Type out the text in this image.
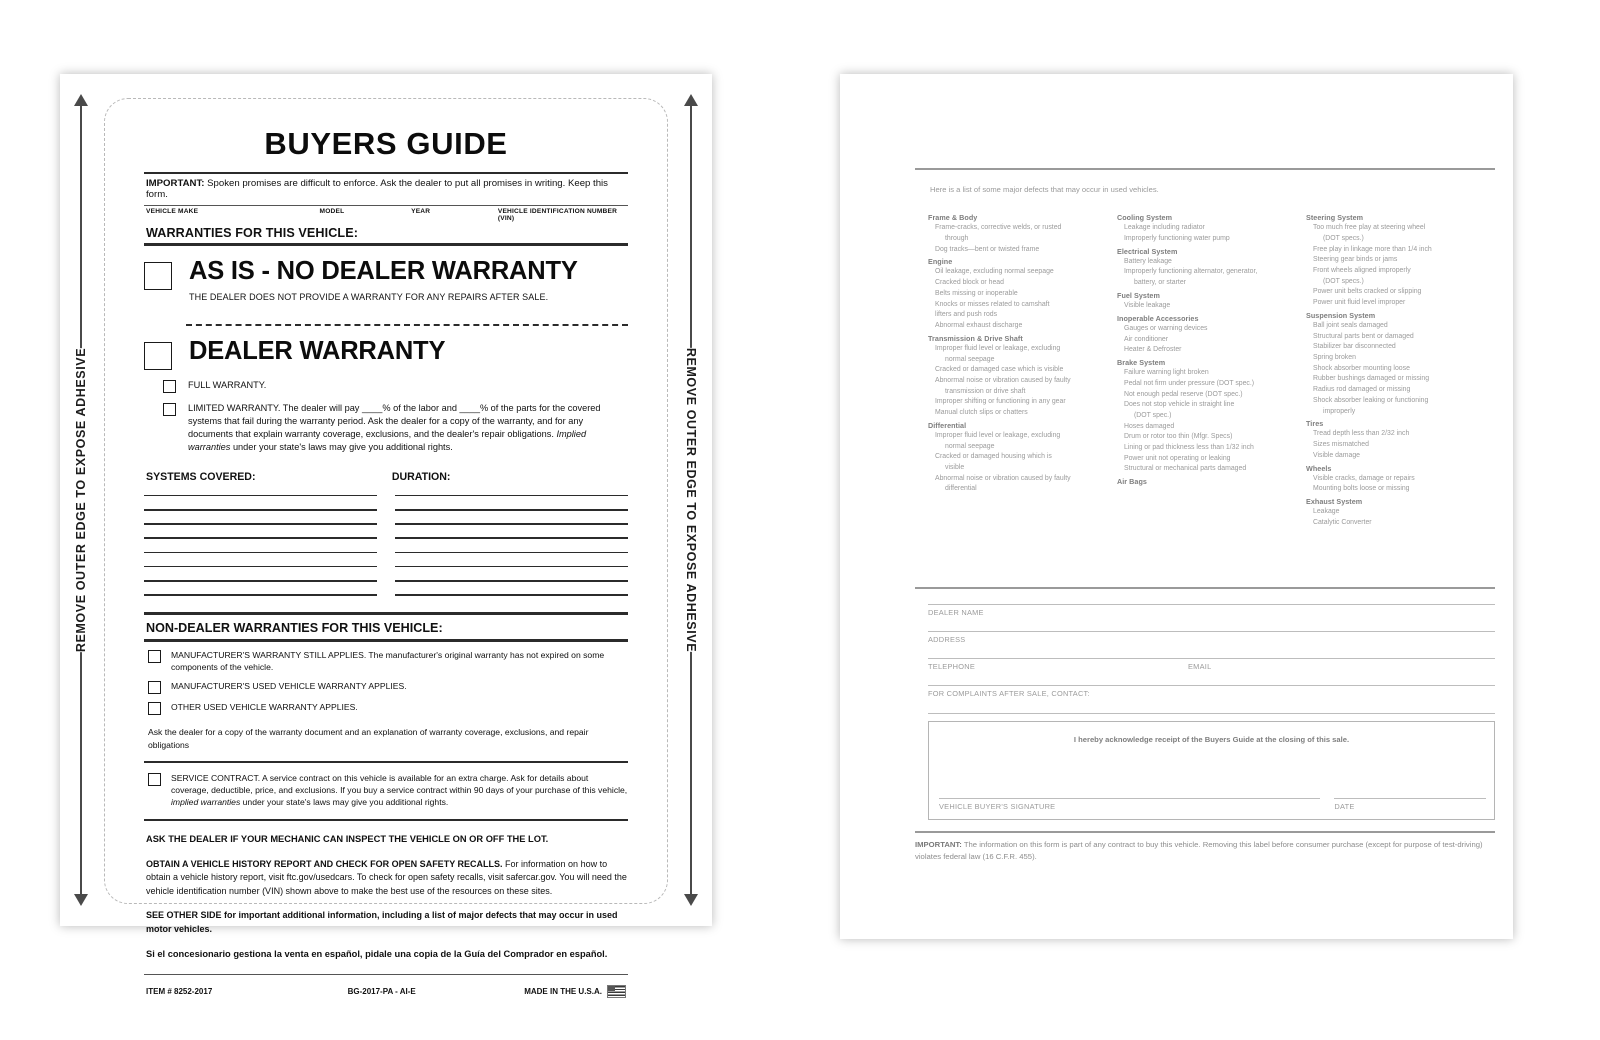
REMOVE OUTER EDGE TO EXPOSE ADHESIVE	REMOVE OUTER EDGE TO EXPOSE ADHESIVE
BUYERS GUIDE
IMPORTANT: Spoken promises are difficult to enforce. Ask the dealer to put all promises in writing. Keep this form.
VEHICLE MAKE	MODEL	YEAR	VEHICLE IDENTIFICATION NUMBER (VIN)
WARRANTIES FOR THIS VEHICLE:
AS IS - NO DEALER WARRANTY
THE DEALER DOES NOT PROVIDE A WARRANTY FOR ANY REPAIRS AFTER SALE.
DEALER WARRANTY
FULL WARRANTY.
LIMITED WARRANTY. The dealer will pay ____% of the labor and ____% of the parts for the covered systems that fail during the warranty period. Ask the dealer for a copy of the warranty, and for any documents that explain warranty coverage, exclusions, and the dealer's repair obligations. Implied warranties under your state's laws may give you additional rights.
SYSTEMS COVERED:	DURATION:
NON-DEALER WARRANTIES FOR THIS VEHICLE:
MANUFACTURER'S WARRANTY STILL APPLIES. The manufacturer's original warranty has not expired on some components of the vehicle.
MANUFACTURER'S USED VEHICLE WARRANTY APPLIES.
OTHER USED VEHICLE WARRANTY APPLIES.
Ask the dealer for a copy of the warranty document and an explanation of warranty coverage, exclusions, and repair obligations
SERVICE CONTRACT. A service contract on this vehicle is available for an extra charge. Ask for details about coverage, deductible, price, and exclusions. If you buy a service contract within 90 days of your purchase of this vehicle, implied warranties under your state's laws may give you additional rights.
ASK THE DEALER IF YOUR MECHANIC CAN INSPECT THE VEHICLE ON OR OFF THE LOT.
OBTAIN A VEHICLE HISTORY REPORT AND CHECK FOR OPEN SAFETY RECALLS. For information on how to obtain a vehicle history report, visit ftc.gov/usedcars. To check for open safety recalls, visit safercar.gov. You will need the vehicle identification number (VIN) shown above to make the best use of the resources on these sites.
SEE OTHER SIDE for important additional information, including a list of major defects that may occur in used motor vehicles.
Si el concesionario gestiona la venta en español, pidale una copia de la Guía del Comprador en español.
ITEM # 8252-2017	BG-2017-PA - AI-E	MADE IN THE U.S.A.
Here is a list of some major defects that may occur in used vehicles.
Frame & Body
Frame-cracks, corrective welds, or rusted
through
Dog tracks—bent or twisted frame
Engine
Oil leakage, excluding normal seepage
Cracked block or head
Belts missing or inoperable
Knocks or misses related to camshaft
lifters and push rods
Abnormal exhaust discharge
Transmission & Drive Shaft
Improper fluid level or leakage, excluding
normal seepage
Cracked or damaged case which is visible
Abnormal noise or vibration caused by faulty
transmission or drive shaft
Improper shifting or functioning in any gear
Manual clutch slips or chatters
Differential
Improper fluid level or leakage, excluding
normal seepage
Cracked or damaged housing which is
visible
Abnormal noise or vibration caused by faulty
differential
Cooling System
Leakage including radiator
Improperly functioning water pump
Electrical System
Battery leakage
Improperly functioning alternator, generator,
battery, or starter
Fuel System
Visible leakage
Inoperable Accessories
Gauges or warning devices
Air conditioner
Heater & Defroster
Brake System
Failure warning light broken
Pedal not firm under pressure (DOT spec.)
Not enough pedal reserve (DOT spec.)
Does not stop vehicle in straight line
(DOT spec.)
Hoses damaged
Drum or rotor too thin (Mfgr. Specs)
Lining or pad thickness less than 1/32 inch
Power unit not operating or leaking
Structural or mechanical parts damaged
Air Bags
Steering System
Too much free play at steering wheel
(DOT specs.)
Free play in linkage more than 1/4 inch
Steering gear binds or jams
Front wheels aligned improperly
(DOT specs.)
Power unit belts cracked or slipping
Power unit fluid level improper
Suspension System
Ball joint seals damaged
Structural parts bent or damaged
Stabilizer bar disconnected
Spring broken
Shock absorber mounting loose
Rubber bushings damaged or missing
Radius rod damaged or missing
Shock absorber leaking or functioning
improperly
Tires
Tread depth less than 2/32 inch
Sizes mismatched
Visible damage
Wheels
Visible cracks, damage or repairs
Mounting bolts loose or missing
Exhaust System
Leakage
Catalytic Converter
DEALER NAME
ADDRESS
TELEPHONE	EMAIL
FOR COMPLAINTS AFTER SALE, CONTACT:
I hereby acknowledge receipt of the Buyers Guide at the closing of this sale.
VEHICLE BUYER'S SIGNATURE	DATE
IMPORTANT: The information on this form is part of any contract to buy this vehicle. Removing this label before consumer purchase (except for purpose of test-driving) violates federal law (16 C.F.R. 455).
